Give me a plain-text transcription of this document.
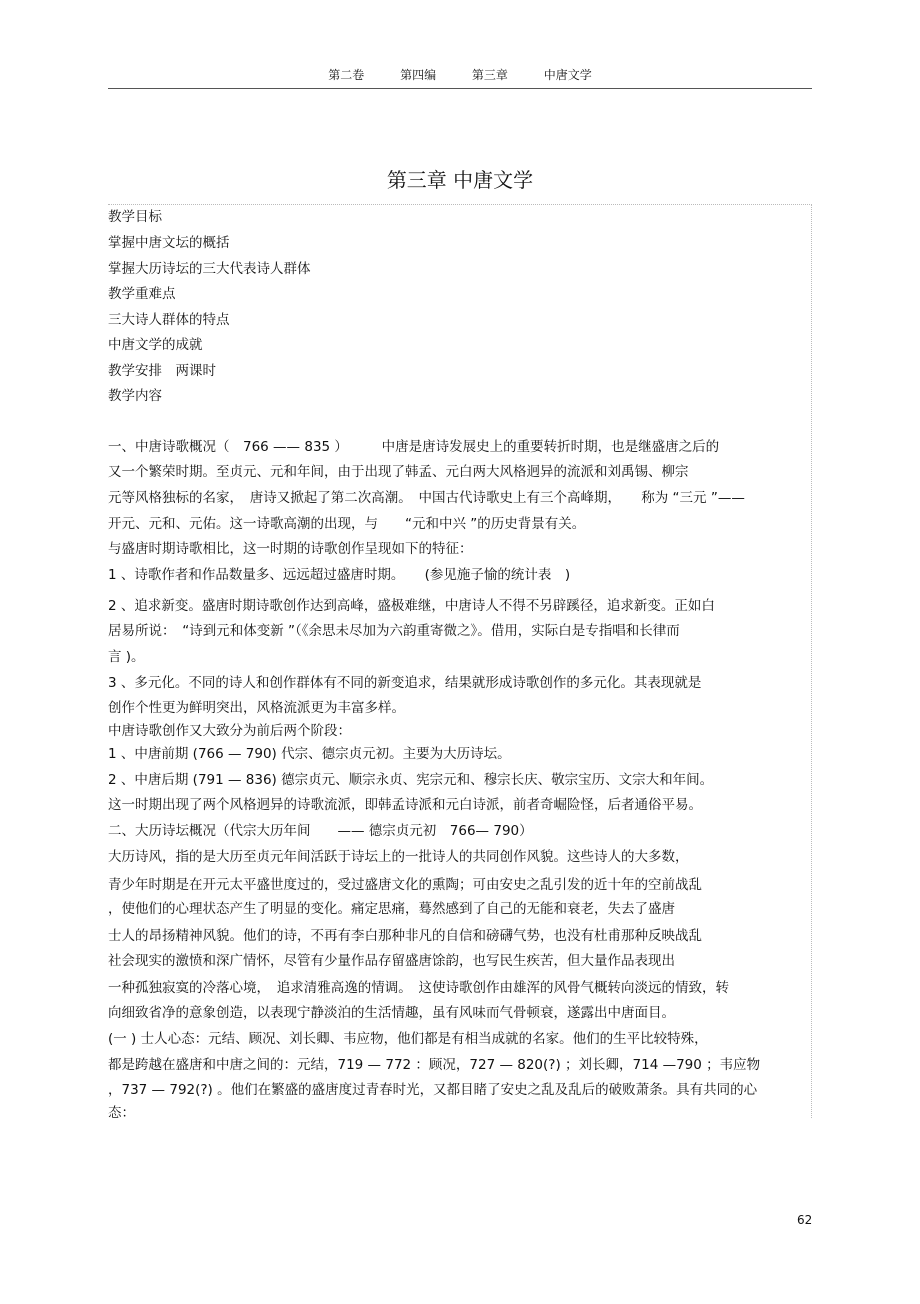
第二卷	第四编	第三章	中唐文学
第三章 中唐文学
教学目标
掌握中唐文坛的概括
掌握大历诗坛的三大代表诗人群体
教学重难点
三大诗人群体的特点
中唐文学的成就
教学安排　两课时
教学内容
一、中唐诗歌概况（　766 —— 835 ）　　　中唐是唐诗发展史上的重要转折时期，也是继盛唐之后的
又一个繁荣时期。至贞元、元和年间，由于出现了韩孟、元白两大风格迥异的流派和刘禹锡、柳宗
元等风格独标的名家，　唐诗又掀起了第二次高潮。　中国古代诗歌史上有三个高峰期，　　称为 “三元 ”——
开元、元和、元佑。这一诗歌高潮的出现，与　　“元和中兴 ”的历史背景有关。
与盛唐时期诗歌相比，这一时期的诗歌创作呈现如下的特征：
1 、诗歌作者和作品数量多、远远超过盛唐时期。　　(参见施子愉的统计表　)
2 、追求新变。盛唐时期诗歌创作达到高峰，盛极难继，中唐诗人不得不另辟蹊径，追求新变。正如白
居易所说：　“诗到元和体变新 ”（《余思未尽加为六韵重寄微之》。借用，实际白是专指唱和长律而
言 )。
3 、多元化。不同的诗人和创作群体有不同的新变追求，结果就形成诗歌创作的多元化。其表现就是
创作个性更为鲜明突出，风格流派更为丰富多样。
中唐诗歌创作又大致分为前后两个阶段：
1 、中唐前期 (766 — 790) 代宗、德宗贞元初。主要为大历诗坛。
2 、中唐后期 (791 — 836) 德宗贞元、顺宗永贞、宪宗元和、穆宗长庆、敬宗宝历、文宗大和年间。
这一时期出现了两个风格迥异的诗歌流派，即韩孟诗派和元白诗派，前者奇崛险怪，后者通俗平易。
二、大历诗坛概况（代宗大历年间　　—— 德宗贞元初　766— 790）
大历诗风，指的是大历至贞元年间活跃于诗坛上的一批诗人的共同创作风貌。这些诗人的大多数，
青少年时期是在开元太平盛世度过的，受过盛唐文化的熏陶；可由安史之乱引发的近十年的空前战乱
，使他们的心理状态产生了明显的变化。痛定思痛，蓦然感到了自己的无能和衰老，失去了盛唐
士人的昂扬精神风貌。他们的诗，不再有李白那种非凡的自信和磅礴气势，也没有杜甫那种反映战乱
社会现实的激愤和深广情怀，尽管有少量作品存留盛唐馀韵，也写民生疾苦，但大量作品表现出
一种孤独寂寞的冷落心境，　追求清雅高逸的情调。　这使诗歌创作由雄浑的风骨气概转向淡远的情致，转
向细致省净的意象创造，以表现宁静淡泊的生活情趣，虽有风味而气骨顿衰，遂露出中唐面目。
(一 ) 士人心态：元结、顾况、刘长卿、韦应物，他们都是有相当成就的名家。他们的生平比较特殊，
都是跨越在盛唐和中唐之间的：元结，719 — 772 ：顾况，727 — 820(?) ；刘长卿，714 —790 ；韦应物
，737 — 792(?) 。他们在繁盛的盛唐度过青春时光，又都目睹了安史之乱及乱后的破败萧条。具有共同的心
态：
62
